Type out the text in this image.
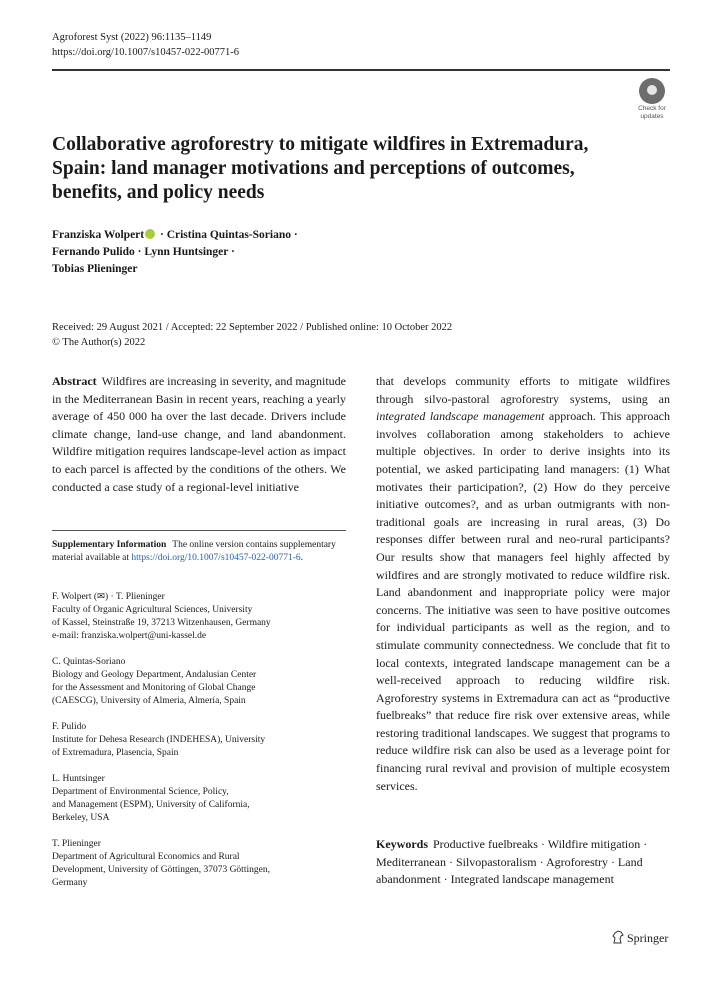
Agroforest Syst (2022) 96:1135–1149
https://doi.org/10.1007/s10457-022-00771-6
Check for
updates
Collaborative agroforestry to mitigate wildfires in Extremadura, Spain: land manager motivations and perceptions of outcomes, benefits, and policy needs
Franziska Wolpert · Cristina Quintas-Soriano ·
Fernando Pulido · Lynn Huntsinger ·
Tobias Plieninger
Received: 29 August 2021 / Accepted: 22 September 2022 / Published online: 10 October 2022
© The Author(s) 2022

Abstract Wildfires are increasing in severity, and magnitude in the Mediterranean Basin in recent years, reaching a yearly average of 450 000 ha over the last decade. Drivers include climate change, land-use change, and land abandonment. Wildfire mitigation requires landscape-level action as impact to each parcel is affected by the conditions of the others. We conducted a case study of a regional-level initiative

Supplementary Information The online version contains supplementary material available at https://doi.org/10.1007/s10457-022-00771-6.

F. Wolpert (✉) · T. Plieninger
Faculty of Organic Agricultural Sciences, University
of Kassel, Steinstraße 19, 37213 Witzenhausen, Germany
e-mail: franziska.wolpert@uni-kassel.de
C. Quintas-Soriano
Biology and Geology Department, Andalusian Center
for the Assessment and Monitoring of Global Change
(CAESCG), University of Almeria, Almería, Spain
F. Pulido
Institute for Dehesa Research (INDEHESA), University
of Extremadura, Plasencia, Spain
L. Huntsinger
Department of Environmental Science, Policy,
and Management (ESPM), University of California,
Berkeley, USA
T. Plieninger
Department of Agricultural Economics and Rural
Development, University of Göttingen, 37073 Göttingen,
Germany

that develops community efforts to mitigate wildfires through silvo-pastoral agroforestry systems, using an integrated landscape management approach. This approach involves collaboration among stakeholders to achieve multiple objectives. In order to derive insights into its potential, we asked participating land managers: (1) What motivates their participation?, (2) How do they perceive initiative outcomes?, and as urban outmigrants with non-traditional goals are increasing in rural areas, (3) Do responses differ between rural and neo-rural participants? Our results show that managers feel highly affected by wildfires and are strongly motivated to reduce wildfire risk. Land abandonment and inappropriate policy were major concerns. The initiative was seen to have positive outcomes for individual participants as well as the region, and to stimulate community connectedness. We conclude that fit to local contexts, integrated landscape management can be a well-received approach to reducing wildfire risk. Agroforestry systems in Extremadura can act as “productive fuelbreaks” that reduce fire risk over extensive areas, while restoring traditional landscapes. We suggest that programs to reduce wildfire risk can also be used as a leverage point for financing rural revival and provision of multiple ecosystem services.

Keywords Productive fuelbreaks · Wildfire mitigation · Mediterranean · Silvopastoralism · Agroforestry · Land abandonment · Integrated landscape management

Springer
